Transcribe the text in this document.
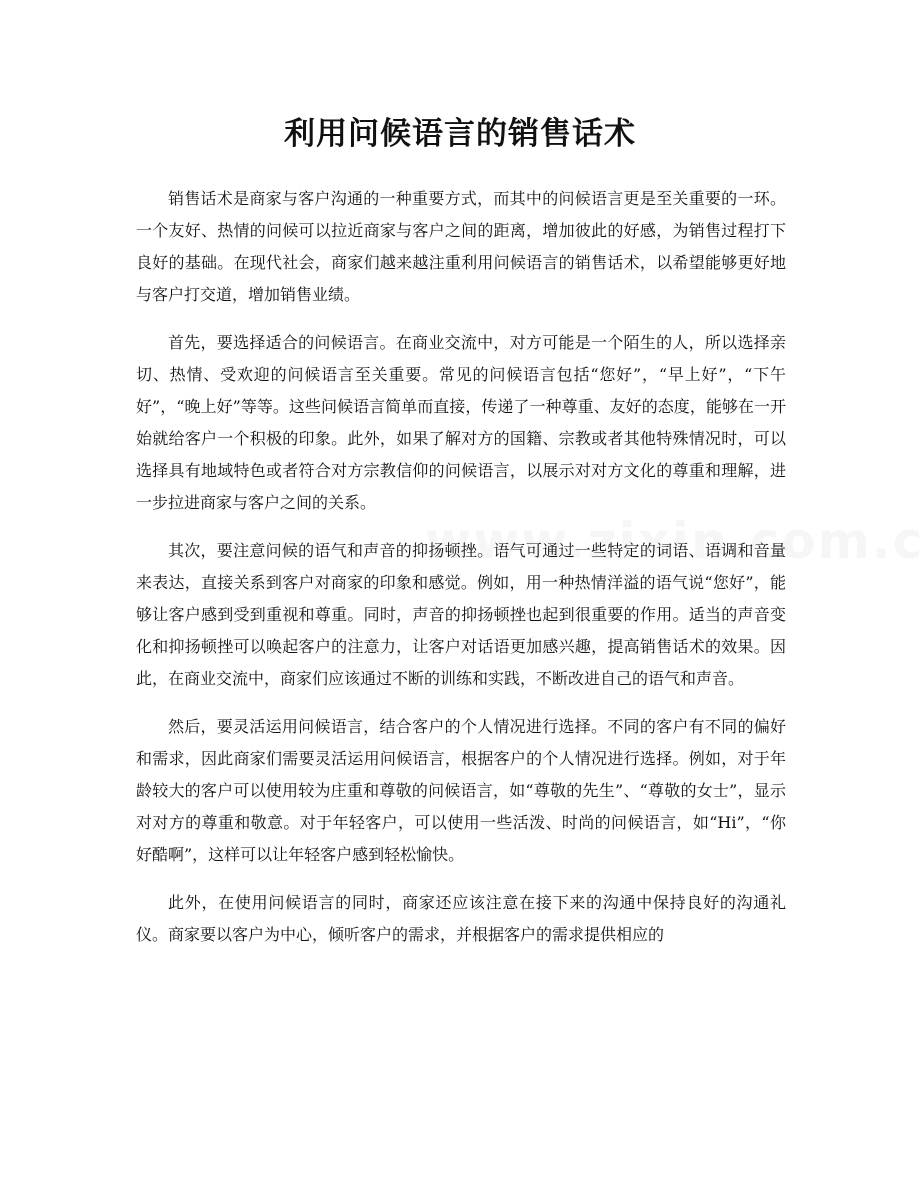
利用问候语言的销售话术

销售话术是商家与客户沟通的一种重要方式，而其中的问候语言更是至关重要的一环。一个友好、热情的问候可以拉近商家与客户之间的距离，增加彼此的好感，为销售过程打下良好的基础。在现代社会，商家们越来越注重利用问候语言的销售话术，以希望能够更好地与客户打交道，增加销售业绩。

首先，要选择适合的问候语言。在商业交流中，对方可能是一个陌生的人，所以选择亲切、热情、受欢迎的问候语言至关重要。常见的问候语言包括“您好”，“早上好”，“下午好”，“晚上好”等等。这些问候语言简单而直接，传递了一种尊重、友好的态度，能够在一开始就给客户一个积极的印象。此外，如果了解对方的国籍、宗教或者其他特殊情况时，可以选择具有地域特色或者符合对方宗教信仰的问候语言，以展示对对方文化的尊重和理解，进一步拉进商家与客户之间的关系。

其次，要注意问候的语气和声音的抑扬顿挫。语气可通过一些特定的词语、语调和音量来表达，直接关系到客户对商家的印象和感觉。例如，用一种热情洋溢的语气说“您好”，能够让客户感到受到重视和尊重。同时，声音的抑扬顿挫也起到很重要的作用。适当的声音变化和抑扬顿挫可以唤起客户的注意力，让客户对话语更加感兴趣，提高销售话术的效果。因此，在商业交流中，商家们应该通过不断的训练和实践，不断改进自己的语气和声音。

然后，要灵活运用问候语言，结合客户的个人情况进行选择。不同的客户有不同的偏好和需求，因此商家们需要灵活运用问候语言，根据客户的个人情况进行选择。例如，对于年龄较大的客户可以使用较为庄重和尊敬的问候语言，如“尊敬的先生”、“尊敬的女士”，显示对对方的尊重和敬意。对于年轻客户，可以使用一些活泼、时尚的问候语言，如“Hi”，“你好酷啊”，这样可以让年轻客户感到轻松愉快。

此外，在使用问候语言的同时，商家还应该注意在接下来的沟通中保持良好的沟通礼仪。商家要以客户为中心，倾听客户的需求，并根据客户的需求提供相应的
